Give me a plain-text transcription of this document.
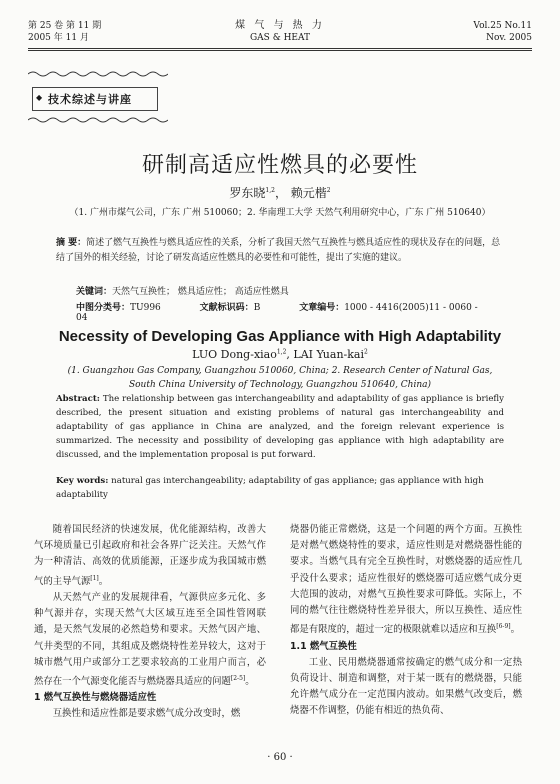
第 25 卷 第 11 期
2005 年 11 月
煤 气 与 热 力
GAS & HEAT
Vol.25 No.11
Nov. 2005
◆ 技术综述与讲座
研制高适应性燃具的必要性
罗东晓$^{1,2}$， 赖元楷$^2$
（1. 广州市煤气公司，广东 广州 510060；2. 华南理工大学 天然气利用研究中心，广东 广州 510640）
摘 要：简述了燃气互换性与燃具适应性的关系，分析了我国天然气互换性与燃具适应性的现状及存在的问题，总结了国外的相关经验，讨论了研发高适应性燃具的必要性和可能性，提出了实施的建议。
关键词：天然气互换性； 燃具适应性； 高适应性燃具
中图分类号：TU996	文献标识码：B	文章编号：1000 - 4416(2005)11 - 0060 - 04
Necessity of Developing Gas Appliance with High Adaptability
LUO Dong-xiao$^{1,2}$, LAI Yuan-kai$^2$
(1. Guangzhou Gas Company, Guangzhou 510060, China; 2. Research Center of Natural Gas,
South China University of Technology, Guangzhou 510640, China)
Abstract: The relationship between gas interchangeability and adaptability of gas appliance is briefly described, the present situation and existing problems of natural gas interchangeability and adaptability of gas appliance in China are analyzed, and the foreign relevant experience is summarized. The necessity and possibility of developing gas appliance with high adaptability are discussed, and the implementation proposal is put forward.
Key words: natural gas interchangeability; adaptability of gas appliance; gas appliance with high adaptability

随着国民经济的快速发展，优化能源结构，改善大气环境质量已引起政府和社会各界广泛关注。天然气作为一种清洁、高效的优质能源，正逐步成为我国城市燃气的主导气源[1]。

从天然气产业的发展规律看，气源供应多元化、多种气源并存，实现天然气大区域互连至全国性管网联通，是天然气发展的必然趋势和要求。天然气因产地、气井类型的不同，其组成及燃烧特性差异较大，这对于城市燃气用户或部分工艺要求较高的工业用户而言，必然存在一个气源变化能否与燃烧器具适应的问题[2-5]。

1 燃气互换性与燃烧器适应性

互换性和适应性都是要求燃气成分改变时，燃

烧器仍能正常燃烧，这是一个问题的两个方面。互换性是对燃气燃烧特性的要求，适应性则是对燃烧器性能的要求。当燃气具有完全互换性时，对燃烧器的适应性几乎没什么要求；适应性很好的燃烧器可适应燃气成分更大范围的波动，对燃气互换性要求可降低。实际上，不同的燃气往往燃烧特性差异很大，所以互换性、适应性都是有限度的，超过一定的极限就难以适应和互换[6-9]。

1.1 燃气互换性

工业、民用燃烧器通常按确定的燃气成分和一定热负荷设计、制造和调整，对于某一既有的燃烧器，只能允许燃气成分在一定范围内波动。如果燃气改变后，燃烧器不作调整，仍能有相近的热负荷、

· 60 ·
